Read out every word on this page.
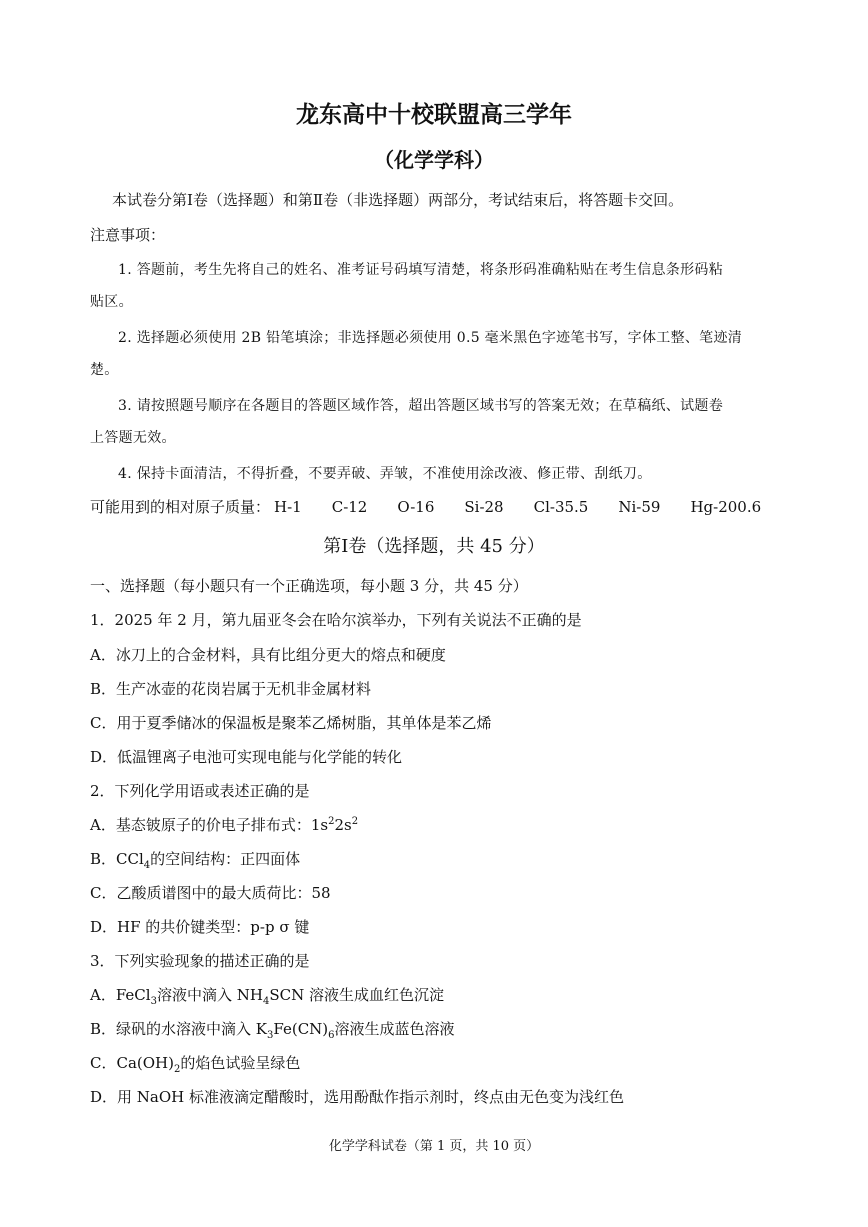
龙东高中十校联盟高三学年
（化学学科）
本试卷分第Ⅰ卷（选择题）和第Ⅱ卷（非选择题）两部分，考试结束后，将答题卡交回。
注意事项：
1. 答题前，考生先将自己的姓名、准考证号码填写清楚，将条形码准确粘贴在考生信息条形码粘
贴区。
2. 选择题必须使用 2B 铅笔填涂；非选择题必须使用 0.5 毫米黑色字迹笔书写，字体工整、笔迹清
楚。
3. 请按照题号顺序在各题目的答题区域作答，超出答题区域书写的答案无效；在草稿纸、试题卷
上答题无效。
4. 保持卡面清洁，不得折叠，不要弄破、弄皱，不准使用涂改液、修正带、刮纸刀。
可能用到的相对原子质量： H-1 C-12 O-16 Si-28 Cl-35.5 Ni-59 Hg-200.6
第Ⅰ卷（选择题，共 45 分）
一、选择题（每小题只有一个正确选项，每小题 3 分，共 45 分）
1．2025 年 2 月，第九届亚冬会在哈尔滨举办，下列有关说法不正确的是
A．冰刀上的合金材料，具有比组分更大的熔点和硬度
B．生产冰壶的花岗岩属于无机非金属材料
C．用于夏季储冰的保温板是聚苯乙烯树脂，其单体是苯乙烯
D．低温锂离子电池可实现电能与化学能的转化
2．下列化学用语或表述正确的是
A．基态铍原子的价电子排布式：$1s^22s^2$
B．CCl$_4$的空间结构：正四面体
C．乙酸质谱图中的最大质荷比：58
D．HF 的共价键类型：p-p σ 键
3．下列实验现象的描述正确的是
A．FeCl$_3$溶液中滴入 $NH_4SCN$ 溶液生成血红色沉淀
B．绿矾的水溶液中滴入 $K_3Fe(CN)_6$溶液生成蓝色溶液
C．$Ca(OH)_2$的焰色试验呈绿色
D．用 NaOH 标准液滴定醋酸时，选用酚酞作指示剂时，终点由无色变为浅红色
化学学科试卷（第 1 页，共 10 页）
